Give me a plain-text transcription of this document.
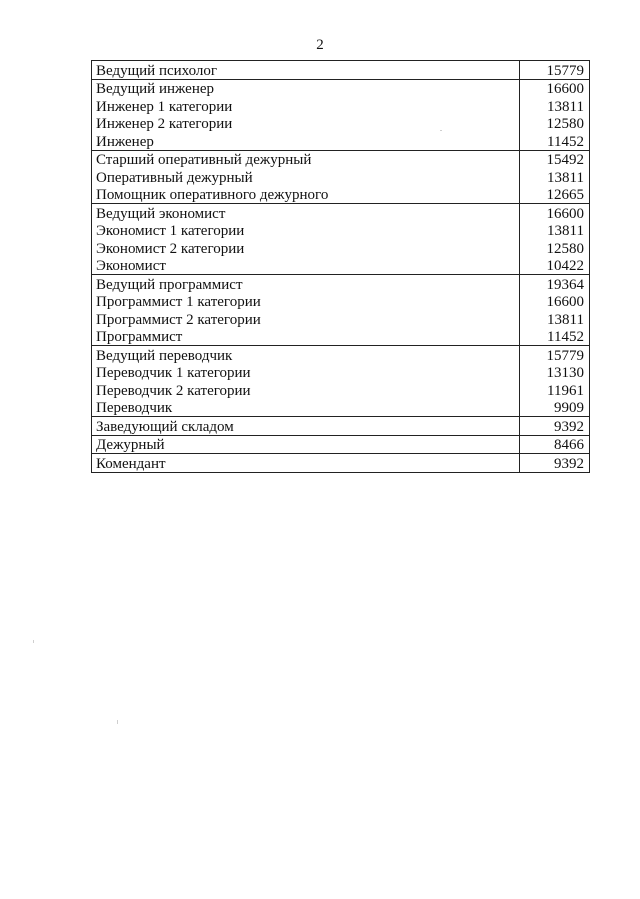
2
Ведущий психолог	15779
Ведущий инженер	16600
Инженер 1 категории	13811
Инженер 2 категории	12580
Инженер	11452
Старший оперативный дежурный	15492
Оперативный дежурный	13811
Помощник оперативного дежурного	12665
Ведущий экономист	16600
Экономист 1 категории	13811
Экономист 2 категории	12580
Экономист	10422
Ведущий программист	19364
Программист 1 категории	16600
Программист 2 категории	13811
Программист	11452
Ведущий переводчик	15779
Переводчик 1 категории	13130
Переводчик 2 категории	11961
Переводчик	9909
Заведующий складом	9392
Дежурный	8466
Комендант	9392
